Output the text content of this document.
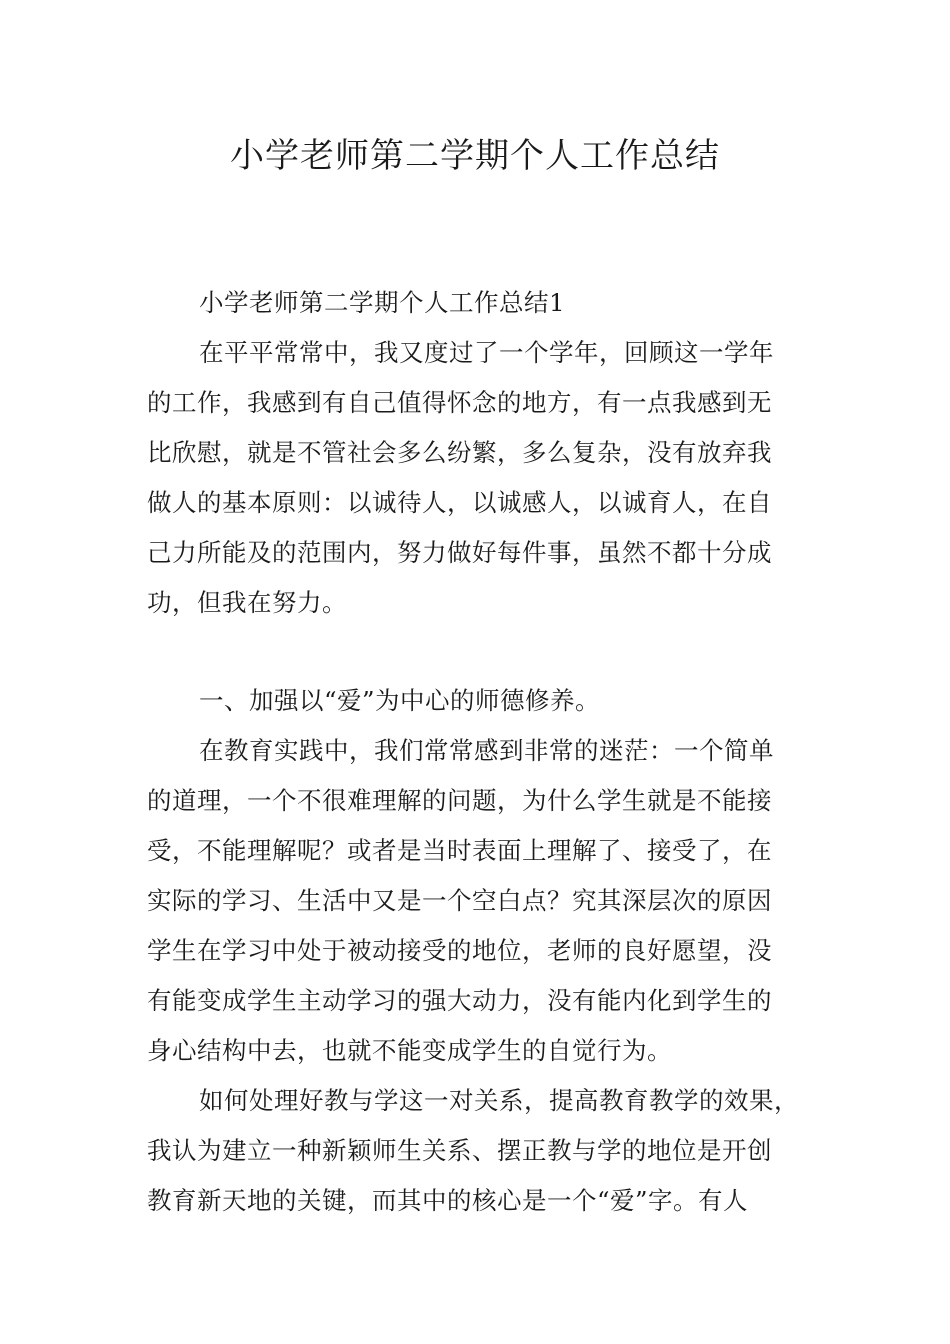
小学老师第二学期个人工作总结

小学老师第二学期个人工作总结1

在平平常常中，我又度过了一个学年，回顾这一学年

的工作，我感到有自己值得怀念的地方，有一点我感到无

比欣慰，就是不管社会多么纷繁，多么复杂，没有放弃我

做人的基本原则：以诚待人，以诚感人，以诚育人，在自

己力所能及的范围内，努力做好每件事，虽然不都十分成

功，但我在努力。

一、加强以“爱”为中心的师德修养。

在教育实践中，我们常常感到非常的迷茫：一个简单

的道理，一个不很难理解的问题，为什么学生就是不能接

受，不能理解呢？或者是当时表面上理解了、接受了，在

实际的学习、生活中又是一个空白点？究其深层次的原因

学生在学习中处于被动接受的地位，老师的良好愿望，没

有能变成学生主动学习的强大动力，没有能内化到学生的

身心结构中去，也就不能变成学生的自觉行为。

如何处理好教与学这一对关系，提高教育教学的效果，

我认为建立一种新颖师生关系、摆正教与学的地位是开创

教育新天地的关键，而其中的核心是一个“爱”字。有人
